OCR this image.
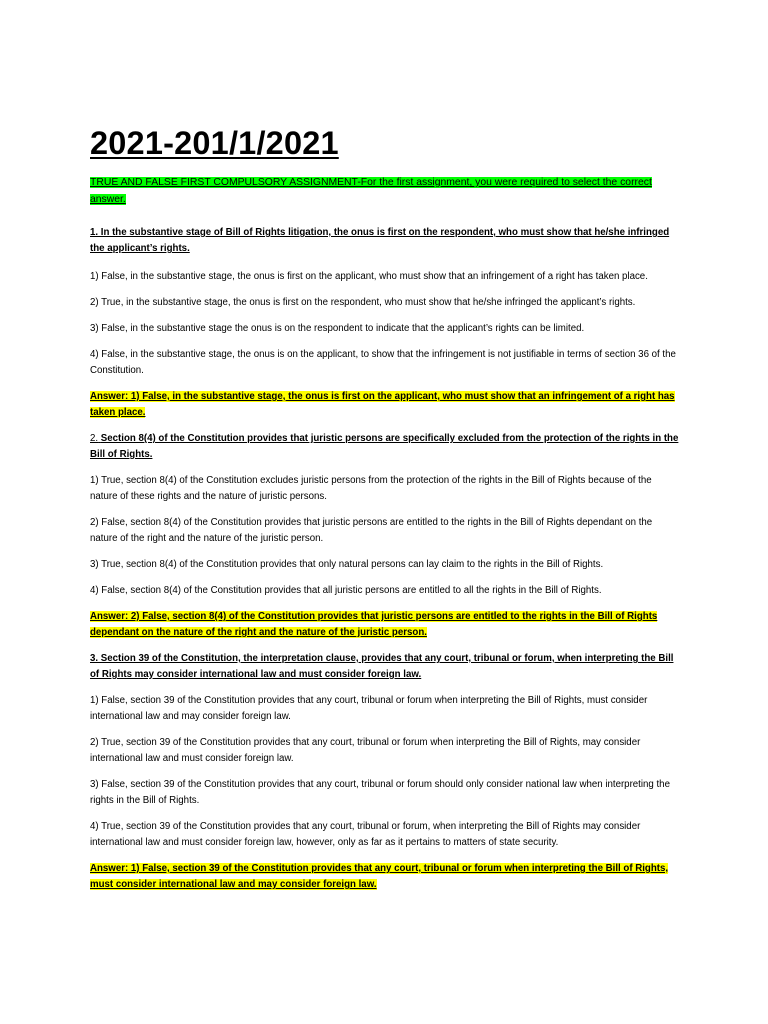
2021-201/1/2021

TRUE AND FALSE FIRST COMPULSORY ASSIGNMENT-For the first assignment, you were required to select the correct answer.

1. In the substantive stage of Bill of Rights litigation, the onus is first on the respondent, who must show that he/she infringed the applicant’s rights.

1) False, in the substantive stage, the onus is first on the applicant, who must show that an infringement of a right has taken place.

2) True, in the substantive stage, the onus is first on the respondent, who must show that he/she infringed the applicant’s rights.

3) False, in the substantive stage the onus is on the respondent to indicate that the applicant’s rights can be limited.

4) False, in the substantive stage, the onus is on the applicant, to show that the infringement is not justifiable in terms of section 36 of the Constitution.

Answer: 1) False, in the substantive stage, the onus is first on the applicant, who must show that an infringement of a right has taken place.

2. Section 8(4) of the Constitution provides that juristic persons are specifically excluded from the protection of the rights in the Bill of Rights.

1) True, section 8(4) of the Constitution excludes juristic persons from the protection of the rights in the Bill of Rights because of the nature of these rights and the nature of juristic persons.

2) False, section 8(4) of the Constitution provides that juristic persons are entitled to the rights in the Bill of Rights dependant on the nature of the right and the nature of the juristic person.

3) True, section 8(4) of the Constitution provides that only natural persons can lay claim to the rights in the Bill of Rights.

4) False, section 8(4) of the Constitution provides that all juristic persons are entitled to all the rights in the Bill of Rights.

Answer: 2) False, section 8(4) of the Constitution provides that juristic persons are entitled to the rights in the Bill of Rights dependant on the nature of the right and the nature of the juristic person.

3. Section 39 of the Constitution, the interpretation clause, provides that any court, tribunal or forum, when interpreting the Bill of Rights may consider international law and must consider foreign law.

1) False, section 39 of the Constitution provides that any court, tribunal or forum when interpreting the Bill of Rights, must consider international law and may consider foreign law.

2) True, section 39 of the Constitution provides that any court, tribunal or forum when interpreting the Bill of Rights, may consider international law and must consider foreign law.

3) False, section 39 of the Constitution provides that any court, tribunal or forum should only consider national law when interpreting the rights in the Bill of Rights.

4) True, section 39 of the Constitution provides that any court, tribunal or forum, when interpreting the Bill of Rights may consider international law and must consider foreign law, however, only as far as it pertains to matters of state security.

Answer: 1) False, section 39 of the Constitution provides that any court, tribunal or forum when interpreting the Bill of Rights, must consider international law and may consider foreign law.
